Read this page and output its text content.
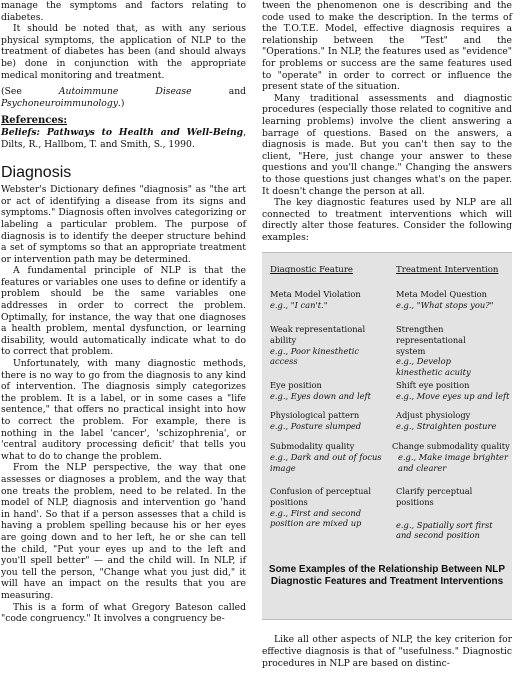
manage the symptoms and factors relating to diabetes.

It should be noted that, as with any serious physical symptoms, the application of NLP to the treatment of diabetes has been (and should always be) done in conjunction with the appropriate medical monitoring and treatment.

(See Autoimmune Disease and Psychoneuroimmunology.)

References:

Beliefs: Pathways to Health and Well-Being, Dilts, R., Hallbom, T. and Smith, S., 1990.

Diagnosis

Webster's Dictionary defines "diagnosis" as "the art or act of identifying a disease from its signs and symptoms." Diagnosis often involves categorizing or labeling a particular problem. The purpose of diagnosis is to identify the deeper structure behind a set of symptoms so that an appropriate treatment or intervention path may be determined.

A fundamental principle of NLP is that the features or variables one uses to define or identify a problem should be the same variables one addresses in order to correct the problem. Optimally, for instance, the way that one diagnoses a health problem, mental dysfunction, or learning disability, would automatically indicate what to do to correct that problem.

Unfortunately, with many diagnostic methods, there is no way to go from the diagnosis to any kind of intervention. The diagnosis simply categorizes the problem. It is a label, or in some cases a "life sentence," that offers no practical insight into how to correct the problem. For example, there is nothing in the label 'cancer', 'schizophrenia', or 'central auditory processing deficit' that tells you what to do to change the problem.

From the NLP perspective, the way that one assesses or diagnoses a problem, and the way that one treats the problem, need to be related. In the model of NLP, diagnosis and intervention go 'hand in hand'. So that if a person assesses that a child is having a problem spelling because his or her eyes are going down and to her left, he or she can tell the child, "Put your eyes up and to the left and you'll spell better" — and the child will. In NLP, if you tell the person, "Change what you just did," it will have an impact on the results that you are measuring.

This is a form of what Gregory Bateson called "code congruency." It involves a congruency be-

tween the phenomenon one is describing and the code used to make the description. In the terms of the T.O.T.E. Model, effective diagnosis requires a relationship between the "Test" and the "Operations." In NLP, the features used as "evidence" for problems or success are the same features used to "operate" in order to correct or influence the present state of the situation.

Many traditional assessments and diagnostic procedures (especially those related to cognitive and learning problems) involve the client answering a barrage of questions. Based on the answers, a diagnosis is made. But you can't then say to the client, "Here, just change your answer to these questions and you'll change." Changing the answers to those questions just changes what's on the paper. It doesn't change the person at all.

The key diagnostic features used by NLP are all connected to treatment interventions which will directly alter those features. Consider the following examples:

Diagnostic Feature	Treatment Intervention
Meta Model Violation
e.g., "I can't."
Meta Model Question
e.g., "What stops you?"
Weak representational ability
e.g., Poor kinesthetic access
Strengthen representational system
e.g., Develop kinesthetic acuity
Eye position
e.g., Eyes down and left
Shift eye position
e.g., Move eyes up and left
Physiological pattern
e.g., Posture slumped
Adjust physiology
e.g., Straighten posture
Submodality quality
e.g., Dark and out of focus image
Change submodality quality
e.g., Make image brighter and clearer
Confusion of perceptual positions
e.g., First and second position are mixed up
Clarify perceptual positions
e.g., Spatially sort first and second position
Some Examples of the Relationship Between NLP Diagnostic Features and Treatment Interventions

Like all other aspects of NLP, the key criterion for effective diagnosis is that of "usefulness." Diagnostic procedures in NLP are based on distinc-
